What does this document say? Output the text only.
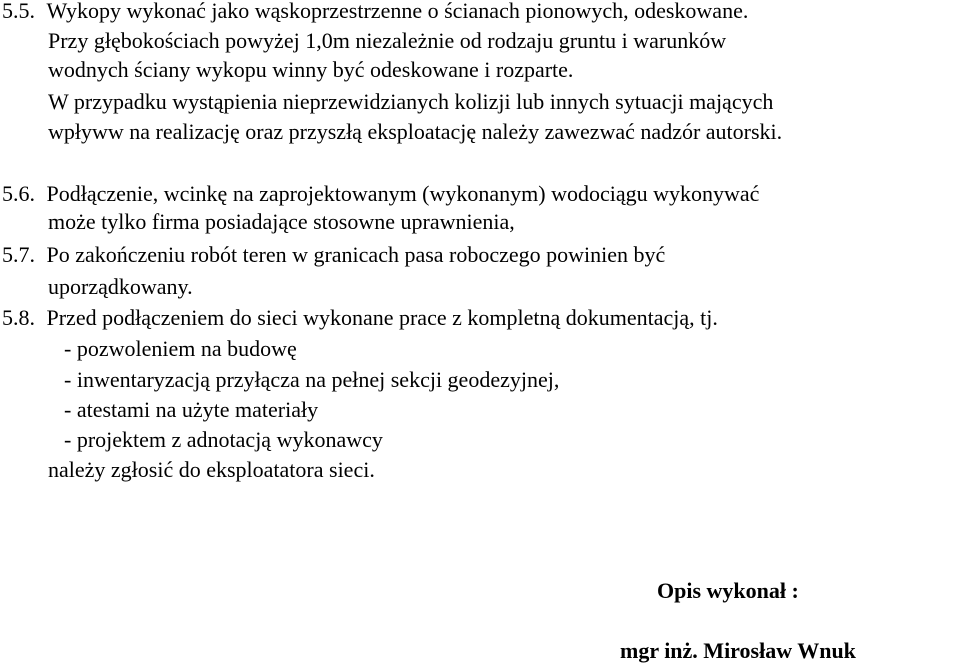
5.5. Wykopy wykonać jako wąskoprzestrzenne o ścianach pionowych, odeskowane.
Przy głębokościach powyżej 1,0m niezależnie od rodzaju gruntu i warunków
wodnych ściany wykopu winny być odeskowane i rozparte.
W przypadku wystąpienia nieprzewidzianych kolizji lub innych sytuacji mających
wpływw na realizację oraz przyszłą eksploatację należy zawezwać nadzór autorski.
5.6. Podłączenie, wcinkę na zaprojektowanym (wykonanym) wodociągu wykonywać
może tylko firma posiadające stosowne uprawnienia,
5.7. Po zakończeniu robót teren w granicach pasa roboczego powinien być
uporządkowany.
5.8. Przed podłączeniem do sieci wykonane prace z kompletną dokumentacją, tj.
- pozwoleniem na budowę
- inwentaryzacją przyłącza na pełnej sekcji geodezyjnej,
- atestami na użyte materiały
- projektem z adnotacją wykonawcy
należy zgłosić do eksploatatora sieci.
Opis wykonał :
mgr inż. Mirosław Wnuk
